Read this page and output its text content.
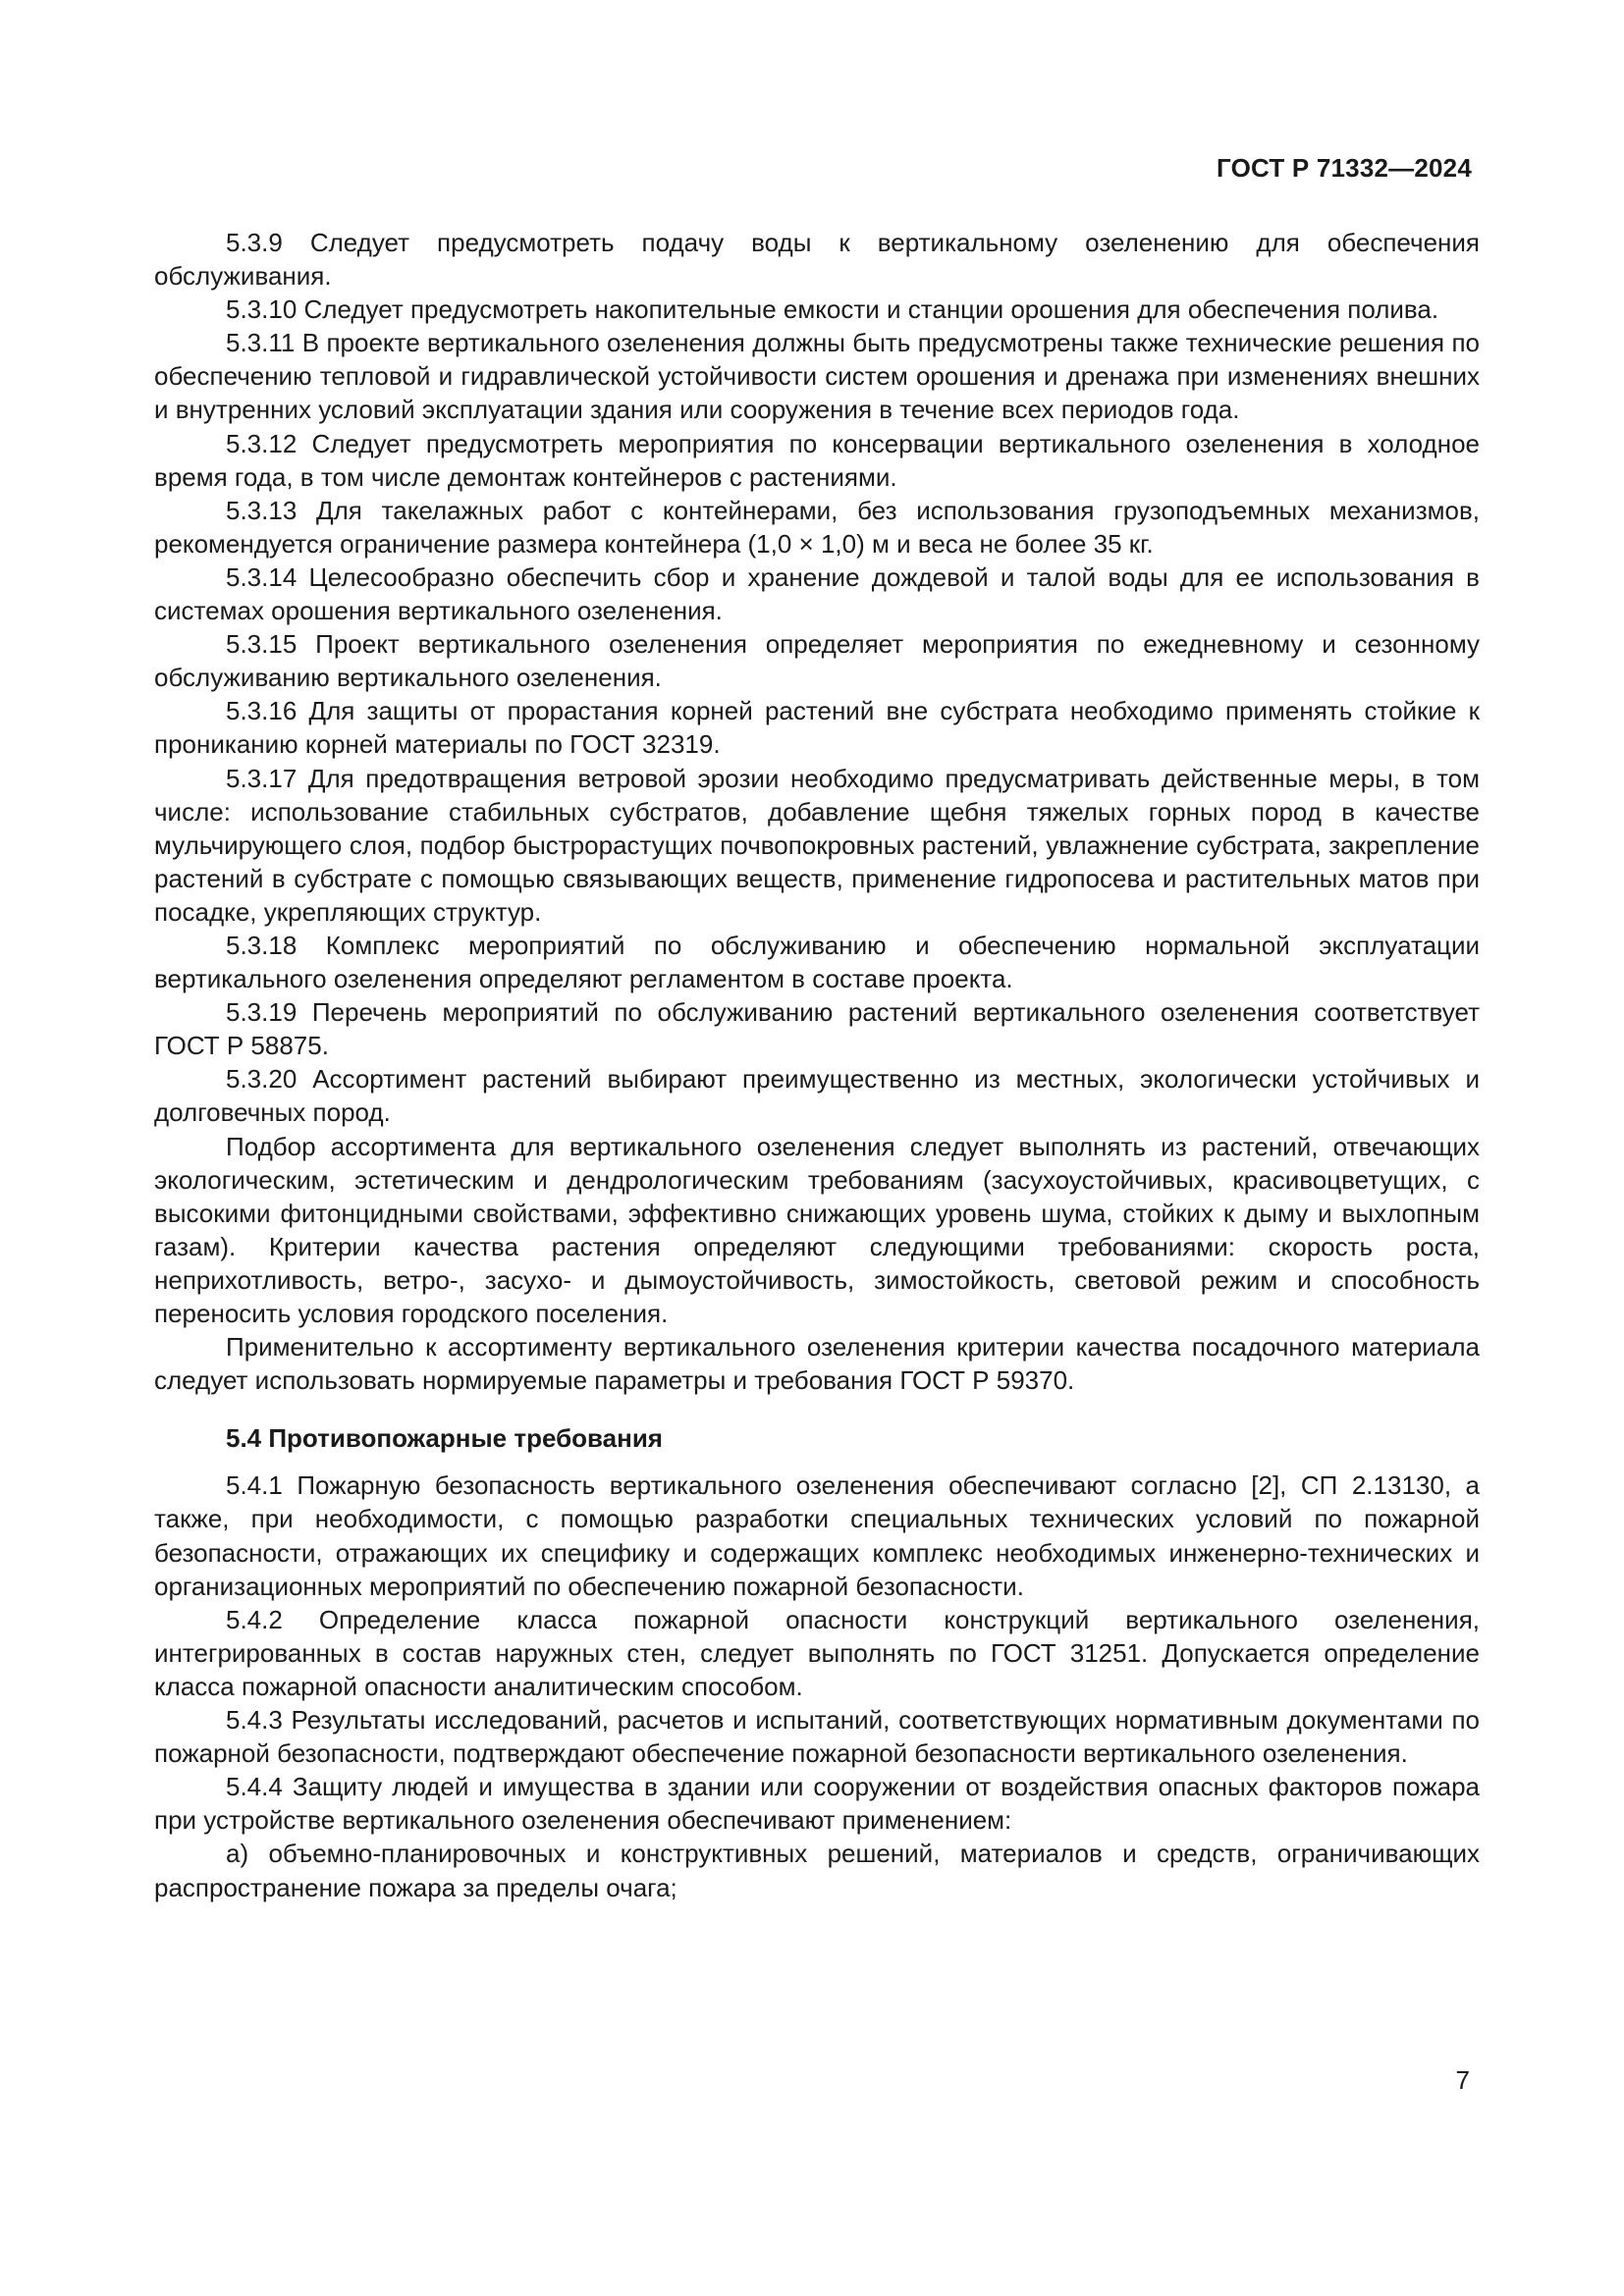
ГОСТ Р 71332—2024

5.3.9 Следует предусмотреть подачу воды к вертикальному озеленению для обеспечения обслуживания.

5.3.10 Следует предусмотреть накопительные емкости и станции орошения для обеспечения полива.

5.3.11 В проекте вертикального озеленения должны быть предусмотрены также технические решения по обеспечению тепловой и гидравлической устойчивости систем орошения и дренажа при изменениях внешних и внутренних условий эксплуатации здания или сооружения в течение всех периодов года.

5.3.12 Следует предусмотреть мероприятия по консервации вертикального озеленения в холодное время года, в том числе демонтаж контейнеров с растениями.

5.3.13 Для такелажных работ с контейнерами, без использования грузоподъемных механизмов, рекомендуется ограничение размера контейнера (1,0 × 1,0) м и веса не более 35 кг.

5.3.14 Целесообразно обеспечить сбор и хранение дождевой и талой воды для ее использования в системах орошения вертикального озеленения.

5.3.15 Проект вертикального озеленения определяет мероприятия по ежедневному и сезонному обслуживанию вертикального озеленения.

5.3.16 Для защиты от прорастания корней растений вне субстрата необходимо применять стойкие к прониканию корней материалы по ГОСТ 32319.

5.3.17 Для предотвращения ветровой эрозии необходимо предусматривать действенные меры, в том числе: использование стабильных субстратов, добавление щебня тяжелых горных пород в качестве мульчирующего слоя, подбор быстрорастущих почвопокровных растений, увлажнение субстрата, закрепление растений в субстрате с помощью связывающих веществ, применение гидропосева и растительных матов при посадке, укрепляющих структур.

5.3.18 Комплекс мероприятий по обслуживанию и обеспечению нормальной эксплуатации вертикального озеленения определяют регламентом в составе проекта.

5.3.19 Перечень мероприятий по обслуживанию растений вертикального озеленения соответствует ГОСТ Р 58875.

5.3.20 Ассортимент растений выбирают преимущественно из местных, экологически устойчивых и долговечных пород.

Подбор ассортимента для вертикального озеленения следует выполнять из растений, отвечающих экологическим, эстетическим и дендрологическим требованиям (засухоустойчивых, красивоцветущих, с высокими фитонцидными свойствами, эффективно снижающих уровень шума, стойких к дыму и выхлопным газам). Критерии качества растения определяют следующими требованиями: скорость роста, неприхотливость, ветро-, засухо- и дымоустойчивость, зимостойкость, световой режим и способность переносить условия городского поселения.

Применительно к ассортименту вертикального озеленения критерии качества посадочного материала следует использовать нормируемые параметры и требования ГОСТ Р 59370.

5.4 Противопожарные требования

5.4.1 Пожарную безопасность вертикального озеленения обеспечивают согласно [2], СП 2.13130, а также, при необходимости, с помощью разработки специальных технических условий по пожарной безопасности, отражающих их специфику и содержащих комплекс необходимых инженерно-технических и организационных мероприятий по обеспечению пожарной безопасности.

5.4.2 Определение класса пожарной опасности конструкций вертикального озеленения, интегрированных в состав наружных стен, следует выполнять по ГОСТ 31251. Допускается определение класса пожарной опасности аналитическим способом.

5.4.3 Результаты исследований, расчетов и испытаний, соответствующих нормативным документами по пожарной безопасности, подтверждают обеспечение пожарной безопасности вертикального озеленения.

5.4.4 Защиту людей и имущества в здании или сооружении от воздействия опасных факторов пожара при устройстве вертикального озеленения обеспечивают применением:

а) объемно-планировочных и конструктивных решений, материалов и средств, ограничивающих распространение пожара за пределы очага;

7
